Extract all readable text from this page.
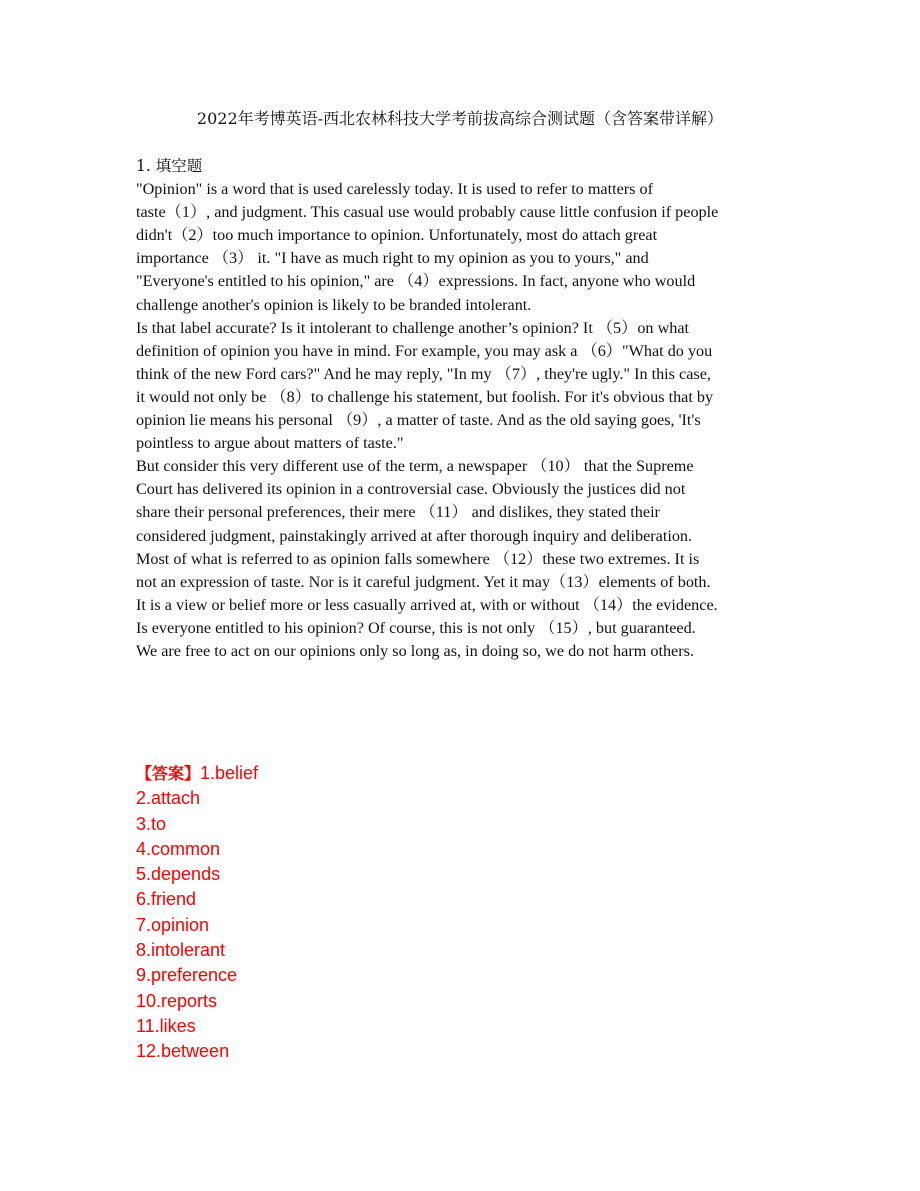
2022年考博英语-西北农林科技大学考前拔高综合测试题（含答案带详解）
1. 填空题
"Opinion" is a word that is used carelessly today. It is used to refer to matters of
taste（1）, and judgment. This casual use would probably cause little confusion if people
didn't（2）too much importance to opinion. Unfortunately, most do attach great
importance （3） it. "I have as much right to my opinion as you to yours," and
"Everyone's entitled to his opinion," are （4）expressions. In fact, anyone who would
challenge another's opinion is likely to be branded intolerant.
Is that label accurate? Is it intolerant to challenge another’s opinion? It （5）on what
definition of opinion you have in mind. For example, you may ask a （6）"What do you
think of the new Ford cars?" And he may reply, "In my （7）, they're ugly." In this case,
it would not only be （8）to challenge his statement, but foolish. For it's obvious that by
opinion lie means his personal （9）, a matter of taste. And as the old saying goes, 'It's
pointless to argue about matters of taste."
But consider this very different use of the term, a newspaper （10） that the Supreme
Court has delivered its opinion in a controversial case. Obviously the justices did not
share their personal preferences, their mere （11） and dislikes, they stated their
considered judgment, painstakingly arrived at after thorough inquiry and deliberation.
Most of what is referred to as opinion falls somewhere （12）these two extremes. It is
not an expression of taste. Nor is it careful judgment. Yet it may（13）elements of both.
It is a view or belief more or less casually arrived at, with or without （14）the evidence.
Is everyone entitled to his opinion? Of course, this is not only （15）, but guaranteed.
We are free to act on our opinions only so long as, in doing so, we do not harm others.
【答案】1.belief
2.attach
3.to
4.common
5.depends
6.friend
7.opinion
8.intolerant
9.preference
10.reports
11.likes
12.between
